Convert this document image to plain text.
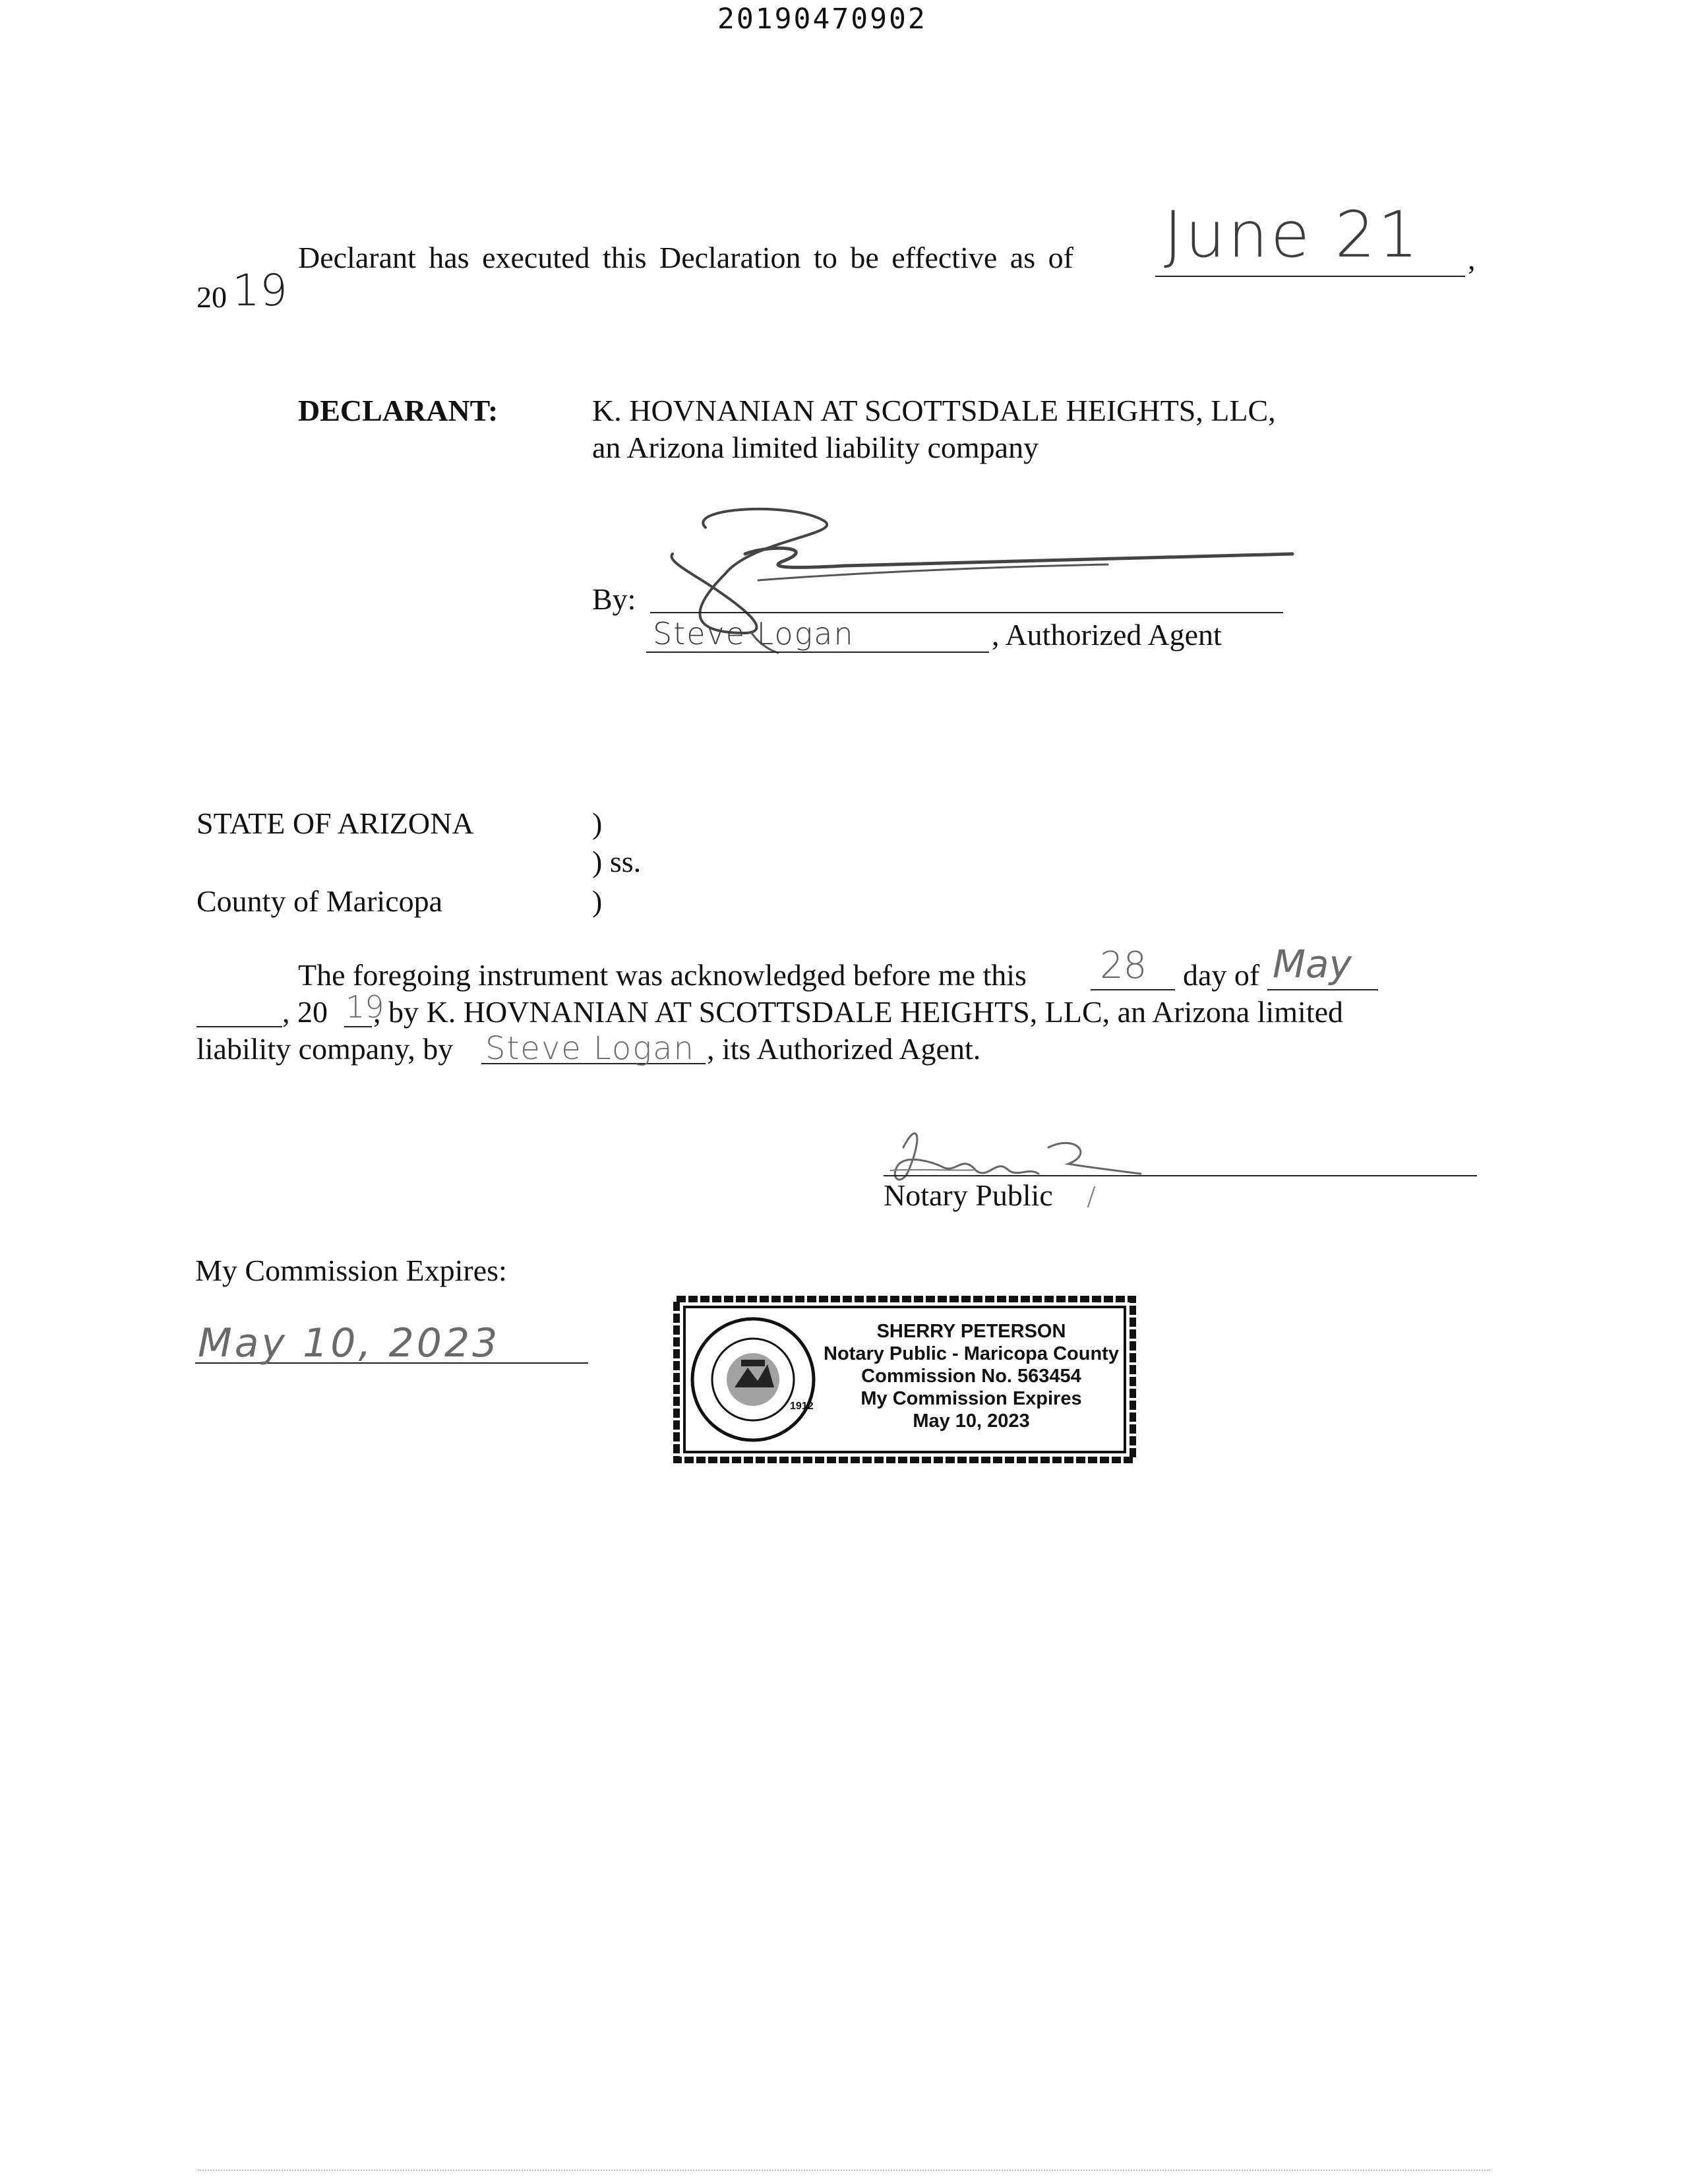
20190470902
Declarant has executed this Declaration to be effective as of June 21 ,
20 19
DECLARANT:	K. HOVNANIAN AT SCOTTSDALE HEIGHTS, LLC,
an Arizona limited liability company
By:
Steve Logan	, Authorized Agent
STATE OF ARIZONA	)
) ss.
County of Maricopa	)
The foregoing instrument was acknowledged before me this 28 day of May
, 20 19
, by K. HOVNANIAN AT SCOTTSDALE HEIGHTS, LLC, an Arizona limited
liability company, by Steve Logan , its Authorized Agent.
Notary Public
My Commission Expires:
May 10, 2023
1912
SHERRY PETERSON
Notary Public - Maricopa County
Commission No. 563454
My Commission Expires
May 10, 2023
